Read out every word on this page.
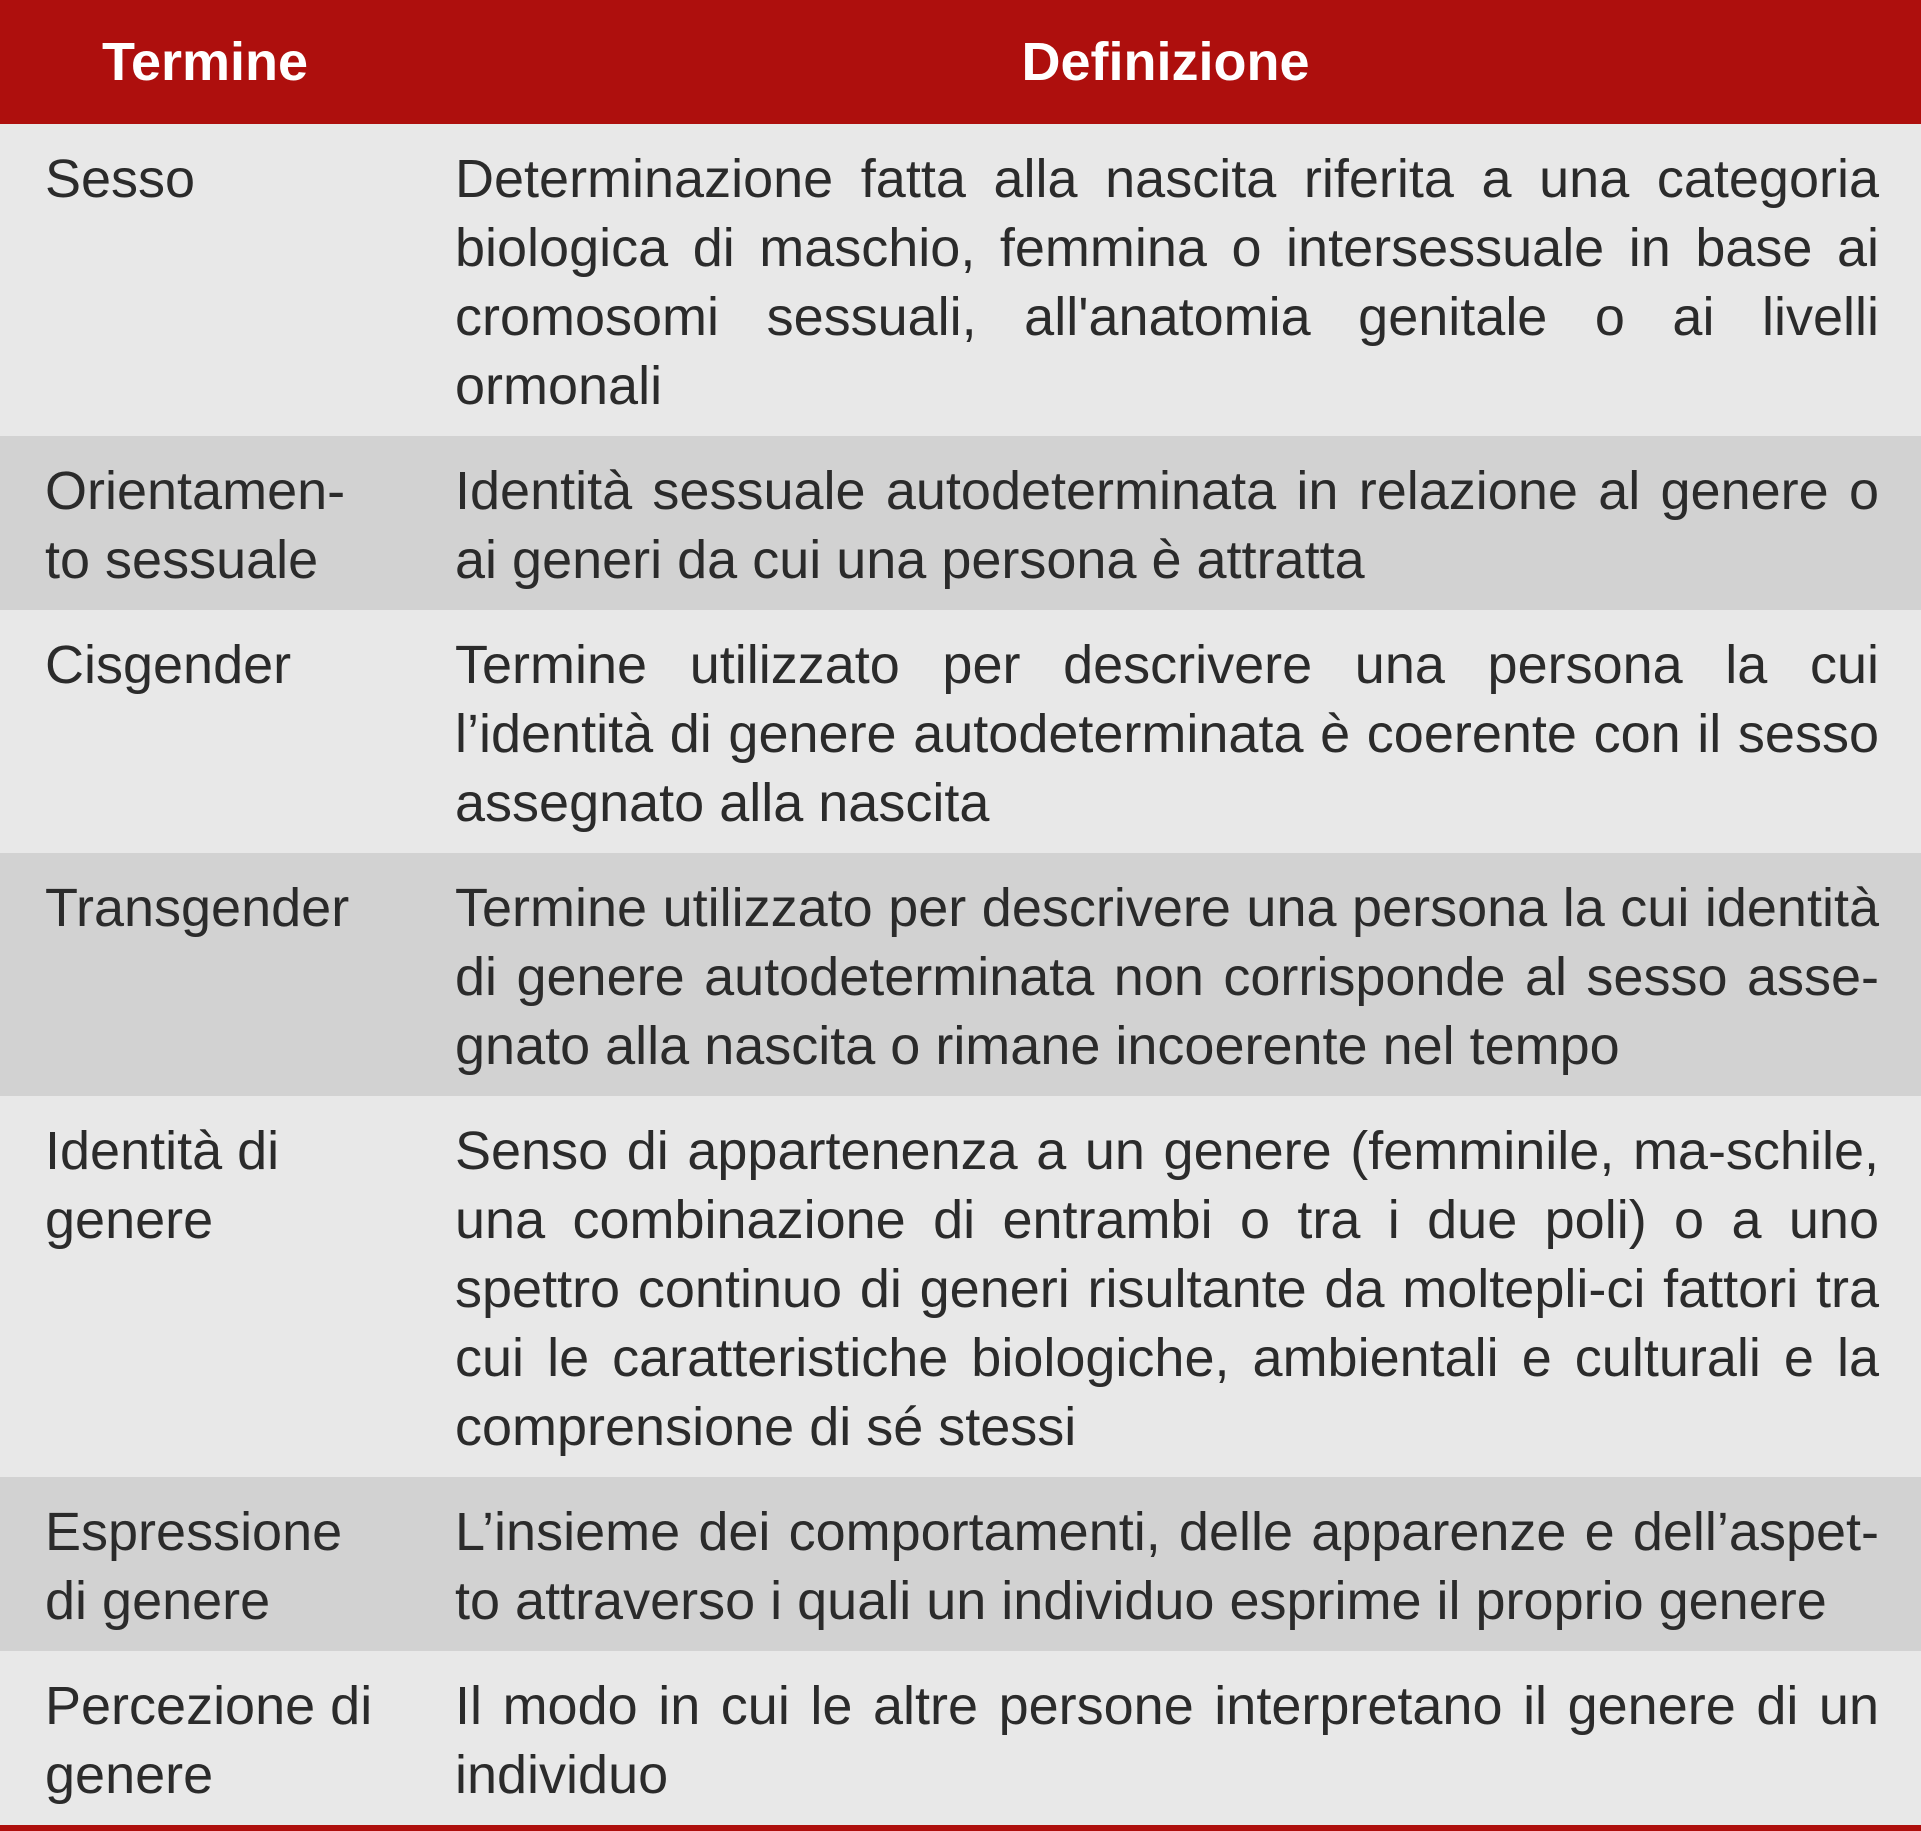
Termine	Definizione
Sesso	Determinazione fatta alla nascita riferita a una categoria biologica di maschio, femmina o intersessuale in base ai cromosomi sessuali, all'anatomia genitale o ai livelli ormonali
Orientamen-to sessuale	Identità sessuale autodeterminata in relazione al genere o ai generi da cui una persona è attratta
Cisgender	Termine utilizzato per descrivere una persona la cui l’identità di genere autodeterminata è coerente con il sesso assegnato alla nascita
Transgender	Termine utilizzato per descrivere una persona la cui identità di genere autodeterminata non corrisponde al sesso asse-gnato alla nascita o rimane incoerente nel tempo
Identità di genere	Senso di appartenenza a un genere (femminile, ma-schile, una combinazione di entrambi o tra i due poli) o a uno spettro continuo di generi risultante da moltepli-ci fattori tra cui le caratteristiche biologiche, ambientali e culturali e la comprensione di sé stessi
Espressione di genere	L’insieme dei comportamenti, delle apparenze e dell’aspet-to attraverso i quali un individuo esprime il proprio genere
Percezione di genere	Il modo in cui le altre persone interpretano il genere di un individuo
